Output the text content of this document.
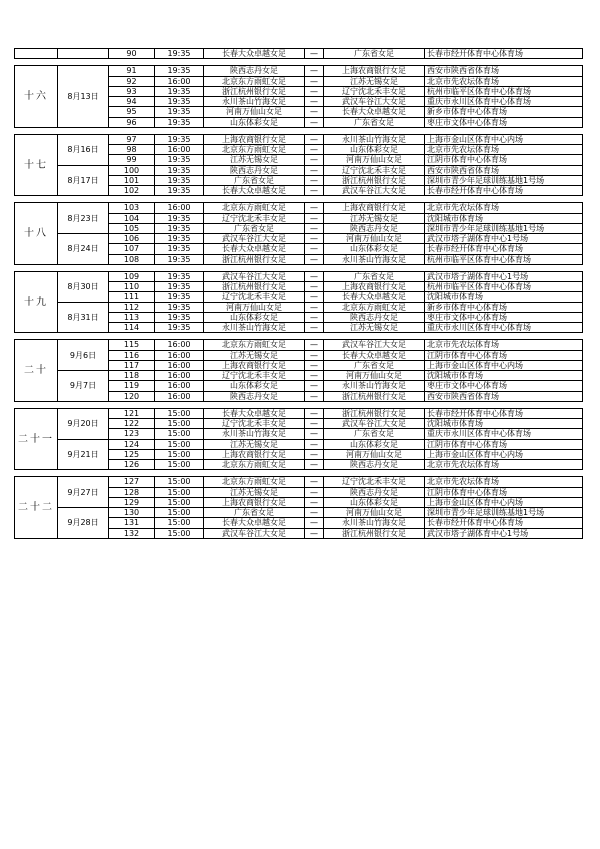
		90	19:35	长春大众卓越女足	—	广东省女足	长春市经开体育中心体育场

十六	8月13日	91	19:35	陕西志丹女足	—	上海农商银行女足	西安市陕西省体育场
		92	16:00	北京东方雨虹女足	—	江苏无锡女足	北京市先农坛体育场
		93	19:35	浙江杭州银行女足	—	辽宁沈北禾丰女足	杭州市临平区体育中心体育场
		94	19:35	永川茶山竹海女足	—	武汉车谷江大女足	重庆市永川区体育中心体育场
		95	19:35	河南万仙山女足	—	长春大众卓越女足	新乡市体育中心体育场
		96	19:35	山东体彩女足	—	广东省女足	枣庄市文体中心体育场

十七	8月16日	97	19:35	上海农商银行女足	—	永川茶山竹海女足	上海市金山区体育中心内场
		98	16:00	北京东方雨虹女足	—	山东体彩女足	北京市先农坛体育场
		99	19:35	江苏无锡女足	—	河南万仙山女足	江阴市体育中心体育场
	8月17日	100	19:35	陕西志丹女足	—	辽宁沈北禾丰女足	西安市陕西省体育场
		101	19:35	广东省女足	—	浙江杭州银行女足	深圳市青少年足球训练基地1号场
		102	19:35	长春大众卓越女足	—	武汉车谷江大女足	长春市经开体育中心体育场

十八	8月23日	103	16:00	北京东方雨虹女足	—	上海农商银行女足	北京市先农坛体育场
		104	19:35	辽宁沈北禾丰女足	—	江苏无锡女足	沈阳城市体育场
		105	19:35	广东省女足	—	陕西志丹女足	深圳市青少年足球训练基地1号场
	8月24日	106	19:35	武汉车谷江大女足	—	河南万仙山女足	武汉市塔子湖体育中心1号场
		107	19:35	长春大众卓越女足	—	山东体彩女足	长春市经开体育中心体育场
		108	19:35	浙江杭州银行女足	—	永川茶山竹海女足	杭州市临平区体育中心体育场

十九	8月30日	109	19:35	武汉车谷江大女足	—	广东省女足	武汉市塔子湖体育中心1号场
		110	19:35	浙江杭州银行女足	—	上海农商银行女足	杭州市临平区体育中心体育场
		111	19:35	辽宁沈北禾丰女足	—	长春大众卓越女足	沈阳城市体育场
	8月31日	112	19:35	河南万仙山女足	—	北京东方雨虹女足	新乡市体育中心体育场
		113	19:35	山东体彩女足	—	陕西志丹女足	枣庄市文体中心体育场
		114	19:35	永川茶山竹海女足	—	江苏无锡女足	重庆市永川区体育中心体育场

二十	9月6日	115	16:00	北京东方雨虹女足	—	武汉车谷江大女足	北京市先农坛体育场
		116	16:00	江苏无锡女足	—	长春大众卓越女足	江阴市体育中心体育场
		117	16:00	上海农商银行女足	—	广东省女足	上海市金山区体育中心内场
	9月7日	118	16:00	辽宁沈北禾丰女足	—	河南万仙山女足	沈阳城市体育场
		119	16:00	山东体彩女足	—	永川茶山竹海女足	枣庄市文体中心体育场
		120	16:00	陕西志丹女足	—	浙江杭州银行女足	西安市陕西省体育场

二十一	9月20日	121	15:00	长春大众卓越女足	—	浙江杭州银行女足	长春市经开体育中心体育场
		122	15:00	辽宁沈北禾丰女足	—	武汉车谷江大女足	沈阳城市体育场
		123	15:00	永川茶山竹海女足	—	广东省女足	重庆市永川区体育中心体育场
	9月21日	124	15:00	江苏无锡女足	—	山东体彩女足	江阴市体育中心体育场
		125	15:00	上海农商银行女足	—	河南万仙山女足	上海市金山区体育中心内场
		126	15:00	北京东方雨虹女足	—	陕西志丹女足	北京市先农坛体育场

二十二	9月27日	127	15:00	北京东方雨虹女足	—	辽宁沈北禾丰女足	北京市先农坛体育场
		128	15:00	江苏无锡女足	—	陕西志丹女足	江阴市体育中心体育场
		129	15:00	上海农商银行女足	—	山东体彩女足	上海市金山区体育中心内场
	9月28日	130	15:00	广东省女足	—	河南万仙山女足	深圳市青少年足球训练基地1号场
		131	15:00	长春大众卓越女足	—	永川茶山竹海女足	长春市经开体育中心体育场
		132	15:00	武汉车谷江大女足	—	浙江杭州银行女足	武汉市塔子湖体育中心1号场
